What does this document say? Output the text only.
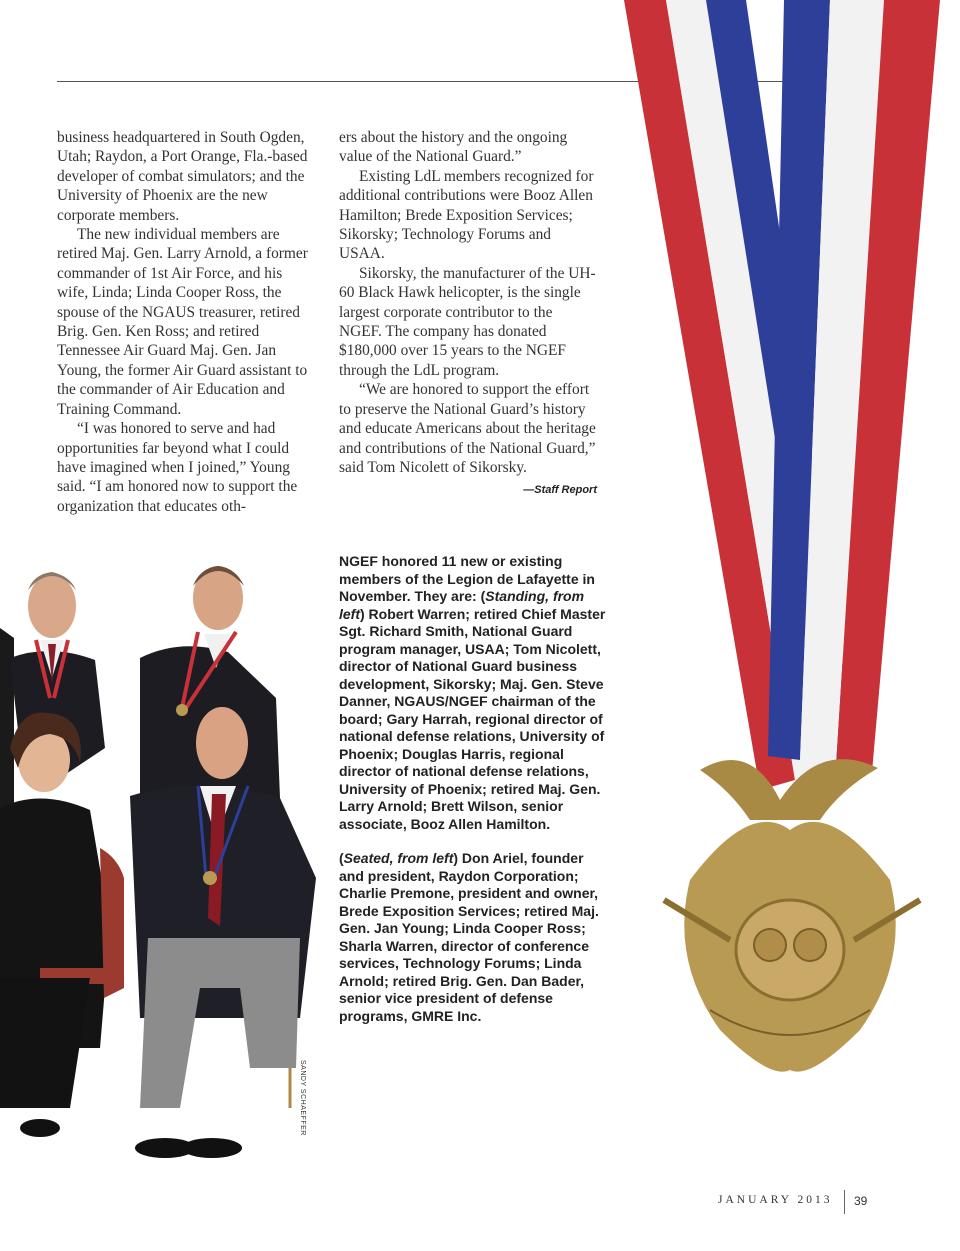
business headquartered in South Ogden, Utah; Raydon, a Port Orange, Fla.-based developer of combat simulators; and the University of Phoenix are the new corporate members.

The new individual members are retired Maj. Gen. Larry Arnold, a former commander of 1st Air Force, and his wife, Linda; Linda Cooper Ross, the spouse of the NGAUS treasurer, retired Brig. Gen. Ken Ross; and retired Tennessee Air Guard Maj. Gen. Jan Young, the former Air Guard assistant to the commander of Air Education and Training Command.

“I was honored to serve and had opportunities far beyond what I could have imagined when I joined,” Young said. “I am honored now to support the organization that educates oth-

ers about the history and the ongoing value of the National Guard.”

Existing LdL members recognized for additional contributions were Booz Allen Hamilton; Brede Exposition Services; Sikorsky; Technology Forums and USAA.

Sikorsky, the manufacturer of the UH-60 Black Hawk helicopter, is the single largest corporate contributor to the NGEF. The company has donated $180,000 over 15 years to the NGEF through the LdL program.

“We are honored to support the effort to preserve the National Guard’s history and educate Americans about the heritage and contributions of the National Guard,” said Tom Nicolett of Sikorsky.

—Staff Report
SANDY SCHAEFFER

NGEF honored 11 new or existing members of the Legion de Lafayette in November. They are: (Standing, from left) Robert Warren; retired Chief Master Sgt. Richard Smith, National Guard program manager, USAA; Tom Nicolett, director of National Guard business development, Sikorsky; Maj. Gen. Steve Danner, NGAUS/NGEF chairman of the board; Gary Harrah, regional director of national defense relations, University of Phoenix; Douglas Harris, regional director of national defense relations, University of Phoenix; retired Maj. Gen. Larry Arnold; Brett Wilson, senior associate, Booz Allen Hamilton.

(Seated, from left) Don Ariel, founder and president, Raydon Corporation; Charlie Premone, president and owner, Brede Exposition Services; retired Maj. Gen. Jan Young; Linda Cooper Ross; Sharla Warren, director of conference services, Technology Forums; Linda Arnold; retired Brig. Gen. Dan Bader, senior vice president of defense programs, GMRE Inc.

JANUARY 2013 39
